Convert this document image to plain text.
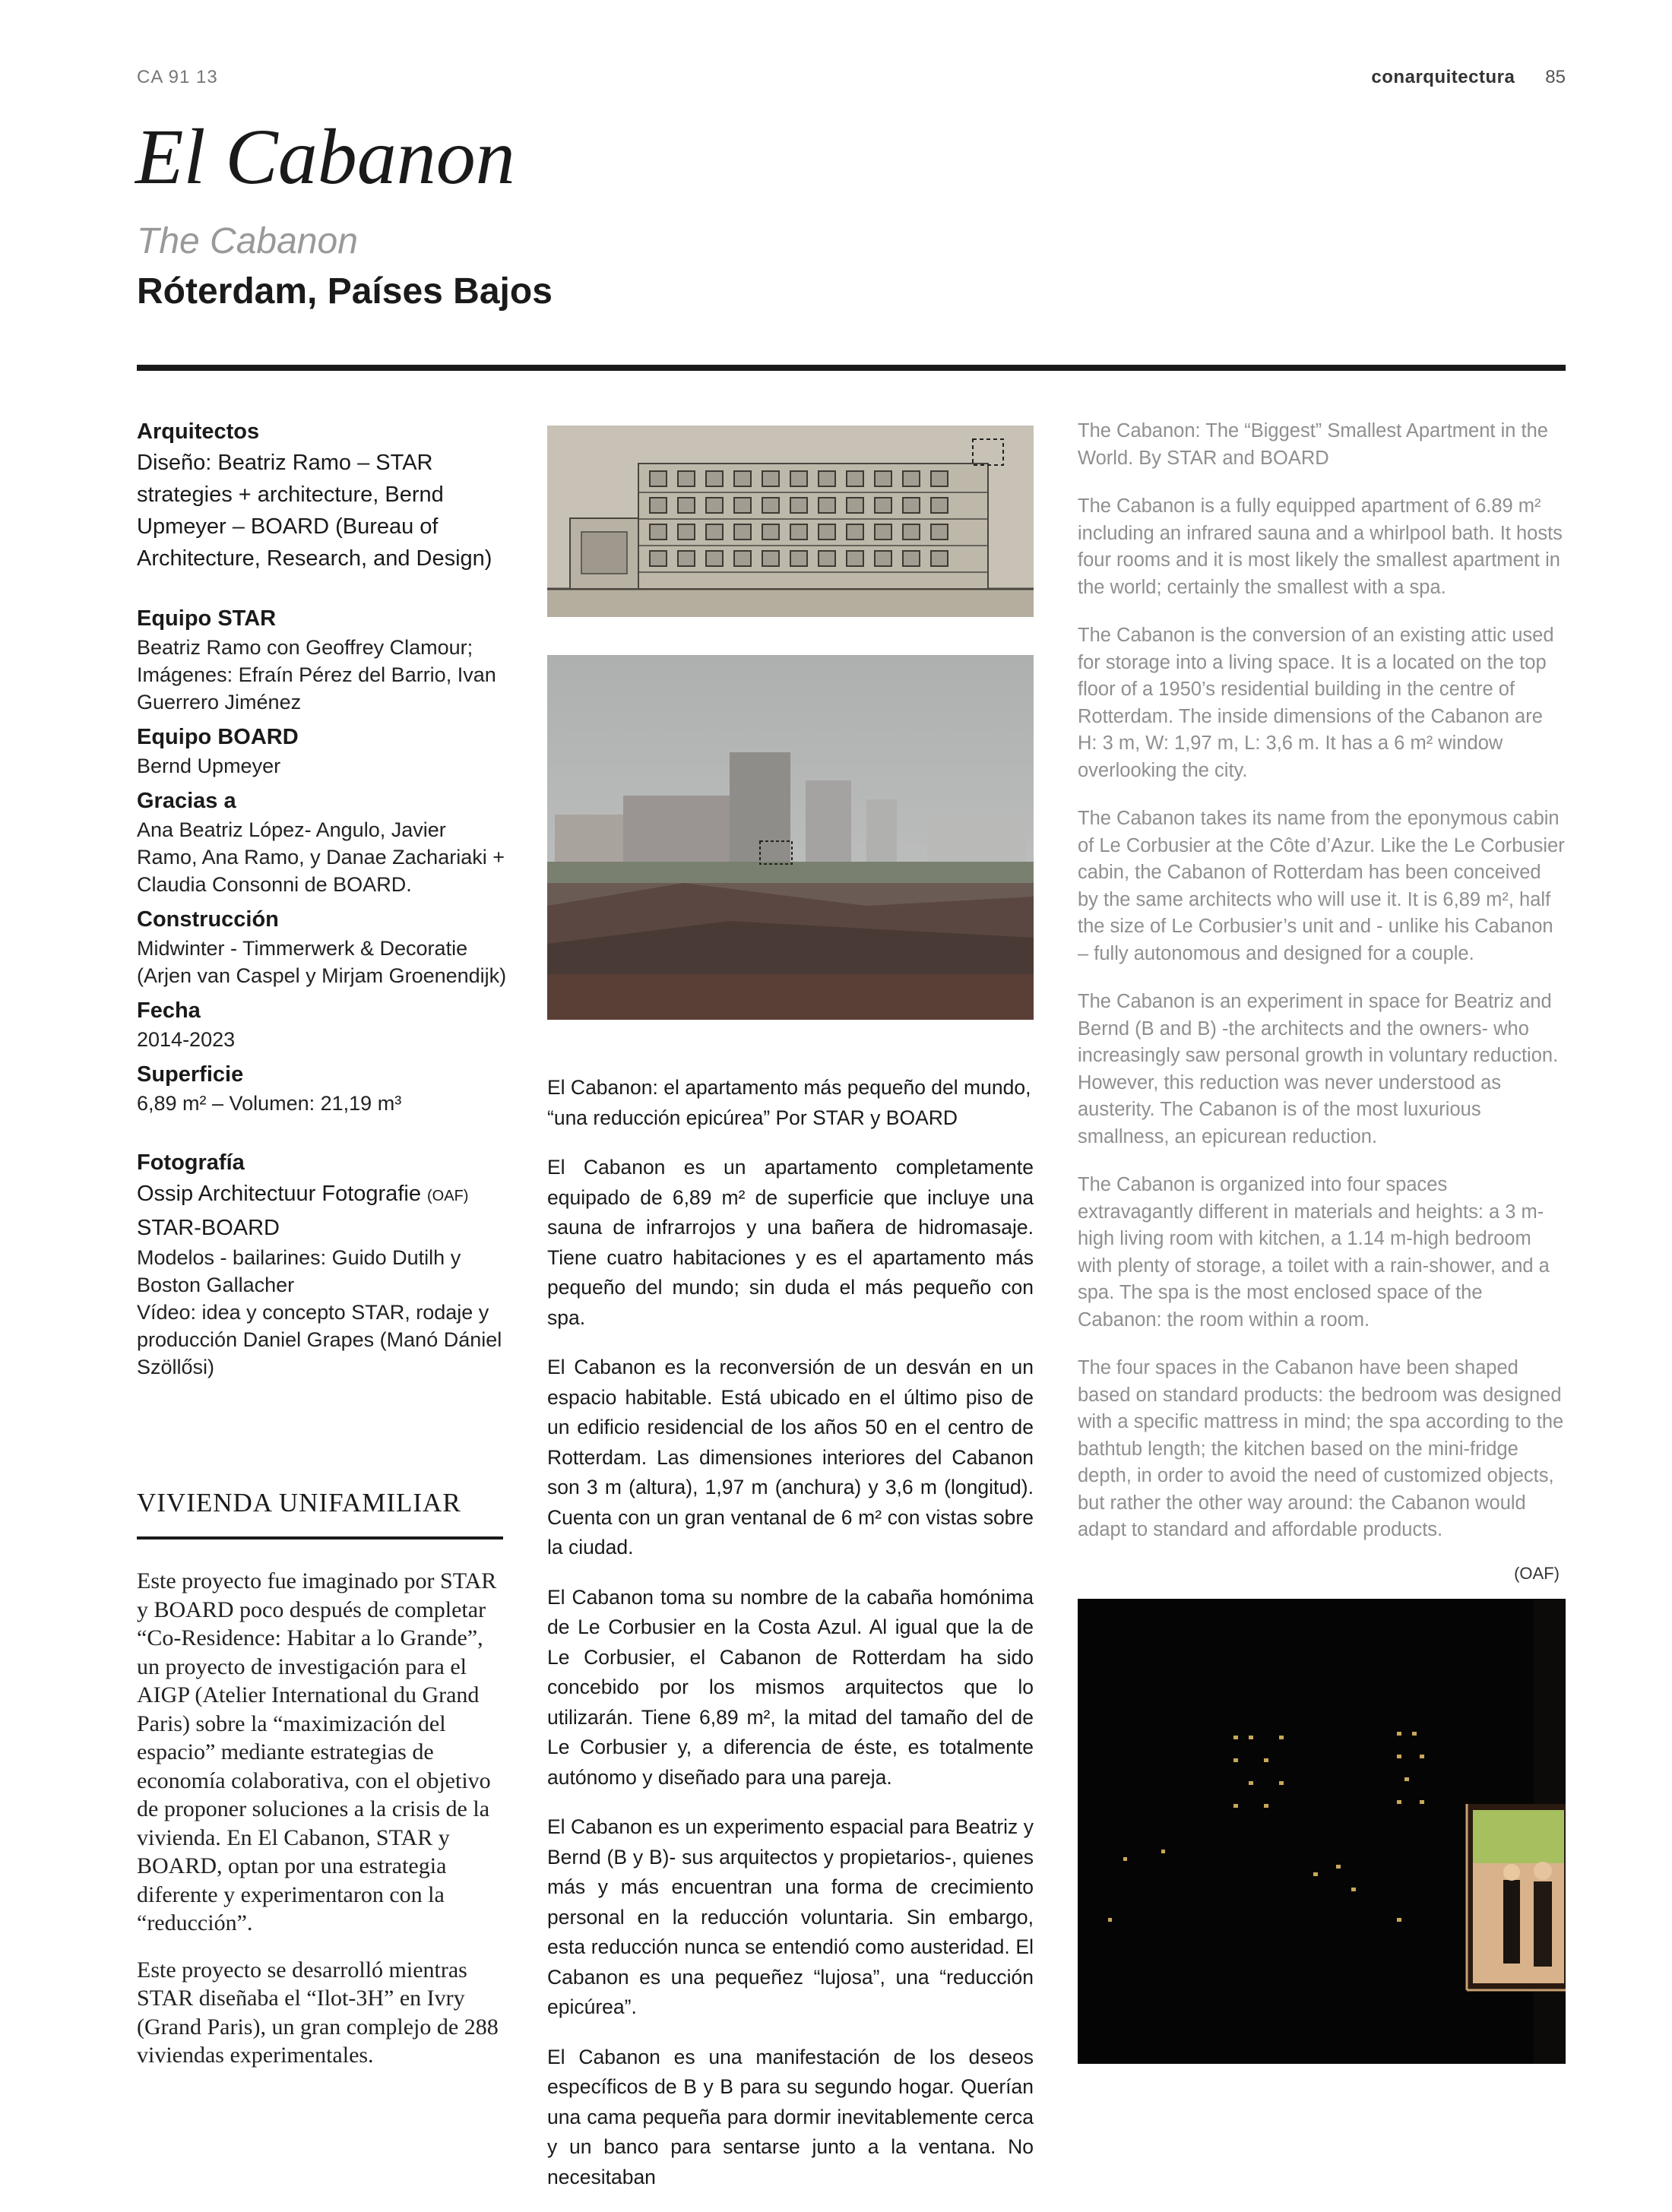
CA 91 13	conarquitectura 85
El Cabanon
The Cabanon
Róterdam, Países Bajos

Arquitectos

Diseño: Beatriz Ramo – STAR strategies + architecture, Bernd Upmeyer – BOARD (Bureau of Architecture, Research, and Design)

Equipo STAR

Beatriz Ramo con Geoffrey Clamour; Imágenes: Efraín Pérez del Barrio, Ivan Guerrero Jiménez

Equipo BOARD

Bernd Upmeyer

Gracias a

Ana Beatriz López- Angulo, Javier Ramo, Ana Ramo, y Danae Zachariaki + Claudia Consonni de BOARD.

Construcción

Midwinter - Timmerwerk & Decoratie (Arjen van Caspel y Mirjam Groenendijk)

Fecha

2014-2023

Superficie

6,89 m² – Volumen: 21,19 m³

Fotografía

Ossip Architectuur Fotografie (OAF)

STAR-BOARD

Modelos - bailarines: Guido Dutilh y Boston Gallacher

Vídeo: idea y concepto STAR, rodaje y producción Daniel Grapes (Manó Dániel Szöllősi)

VIVIENDA UNIFAMILIAR

Este proyecto fue imaginado por STAR y BOARD poco después de completar “Co-Residence: Habitar a lo Grande”, un proyecto de investigación para el AIGP (Atelier International du Grand Paris) sobre la “maximización del espacio” mediante estrategias de economía colaborativa, con el objetivo de proponer soluciones a la crisis de la vivienda. En El Cabanon, STAR y BOARD, optan por una estrategia diferente y experimentaron con la “reducción”.

Este proyecto se desarrolló mientras STAR diseñaba el “Ilot-3H” en Ivry (Grand Paris), un gran complejo de 288 viviendas experimentales.

El Cabanon: el apartamento más pequeño del mundo, “una reducción epicúrea” Por STAR y BOARD

El Cabanon es un apartamento completamente equipado de 6,89 m² de superficie que incluye una sauna de infrarrojos y una bañera de hidromasaje. Tiene cuatro habitaciones y es el apartamento más pequeño del mundo; sin duda el más pequeño con spa.

El Cabanon es la reconversión de un desván en un espacio habitable. Está ubicado en el último piso de un edificio residencial de los años 50 en el centro de Rotterdam. Las dimensiones interiores del Cabanon son 3 m (altura), 1,97 m (anchura) y 3,6 m (longitud). Cuenta con un gran ventanal de 6 m² con vistas sobre la ciudad.

El Cabanon toma su nombre de la cabaña homónima de Le Corbusier en la Costa Azul. Al igual que la de Le Corbusier, el Cabanon de Rotterdam ha sido concebido por los mismos arquitectos que lo utilizarán. Tiene 6,89 m², la mitad del tamaño del de Le Corbusier y, a diferencia de éste, es totalmente autónomo y diseñado para una pareja.

El Cabanon es un experimento espacial para Beatriz y Bernd (B y B)- sus arquitectos y propietarios-, quienes más y más encuentran una forma de crecimiento personal en la reducción voluntaria. Sin embargo, esta reducción nunca se entendió como austeridad. El Cabanon es una pequeñez “lujosa”, una “reducción epicúrea”.

El Cabanon es una manifestación de los deseos específicos de B y B para su segundo hogar. Querían una cama pequeña para dormir inevitablemente cerca y un banco para sentarse junto a la ventana. No necesitaban

The Cabanon: The “Biggest” Smallest Apartment in the World. By STAR and BOARD

The Cabanon is a fully equipped apartment of 6.89 m² including an infrared sauna and a whirlpool bath. It hosts four rooms and it is most likely the smallest apartment in the world; certainly the smallest with a spa.

The Cabanon is the conversion of an existing attic used for storage into a living space. It is a located on the top floor of a 1950’s residential building in the centre of Rotterdam. The inside dimensions of the Cabanon are H: 3 m, W: 1,97 m, L: 3,6 m. It has a 6 m² window overlooking the city.

The Cabanon takes its name from the eponymous cabin of Le Corbusier at the Côte d’Azur. Like the Le Corbusier cabin, the Cabanon of Rotterdam has been conceived by the same architects who will use it. It is 6,89 m², half the size of Le Corbusier’s unit and - unlike his Cabanon – fully autonomous and designed for a couple.

The Cabanon is an experiment in space for Beatriz and Bernd (B and B) -the architects and the owners- who increasingly saw personal growth in voluntary reduction. However, this reduction was never understood as austerity. The Cabanon is of the most luxurious smallness, an epicurean reduction.

The Cabanon is organized into four spaces extravagantly different in materials and heights: a 3 m-high living room with kitchen, a 1.14 m-high bedroom with plenty of storage, a toilet with a rain-shower, and a spa. The spa is the most enclosed space of the Cabanon: the room within a room.

The four spaces in the Cabanon have been shaped based on standard products: the bedroom was designed with a specific mattress in mind; the spa according to the bathtub length; the kitchen based on the mini-fridge depth, in order to avoid the need of customized objects, but rather the other way around: the Cabanon would adapt to standard and affordable products.

(OAF)
